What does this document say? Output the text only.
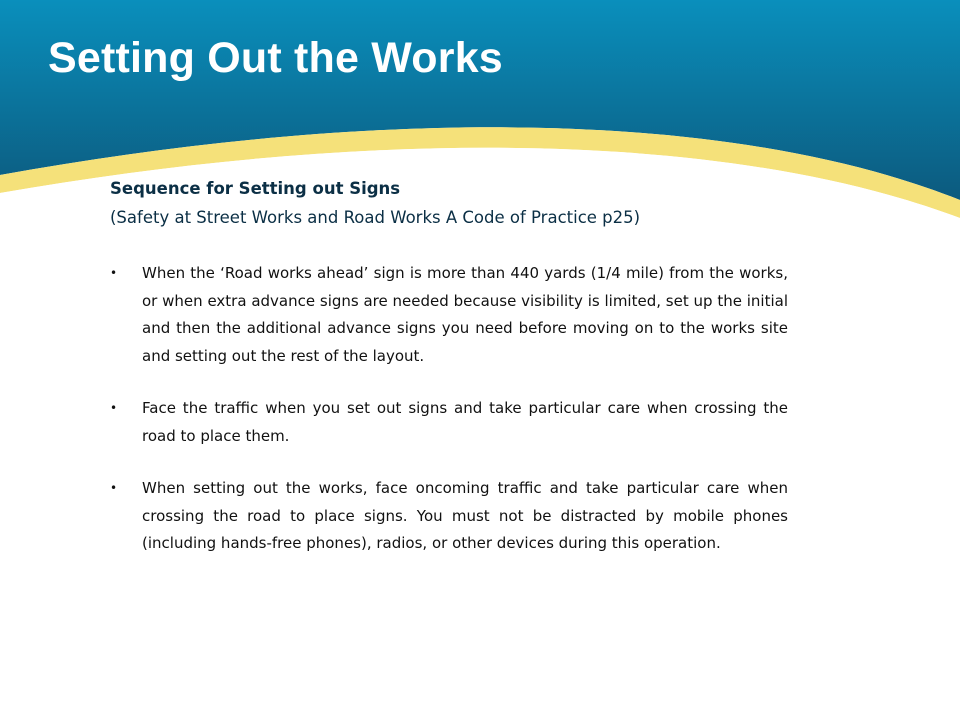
Setting Out the Works

Sequence for Setting out Signs

(Safety at Street Works and Road Works A Code of Practice p25)

• When the ‘Road works ahead’ sign is more than 440 yards (1/4 mile) from the works, or when extra advance signs are needed because visibility is limited, set up the initial and then the additional advance signs you need before moving on to the works site and setting out the rest of the layout.
• Face the traffic when you set out signs and take particular care when crossing the road to place them.
• When setting out the works, face oncoming traffic and take particular care when crossing the road to place signs. You must not be distracted by mobile phones (including hands-free phones), radios, or other devices during this operation.
